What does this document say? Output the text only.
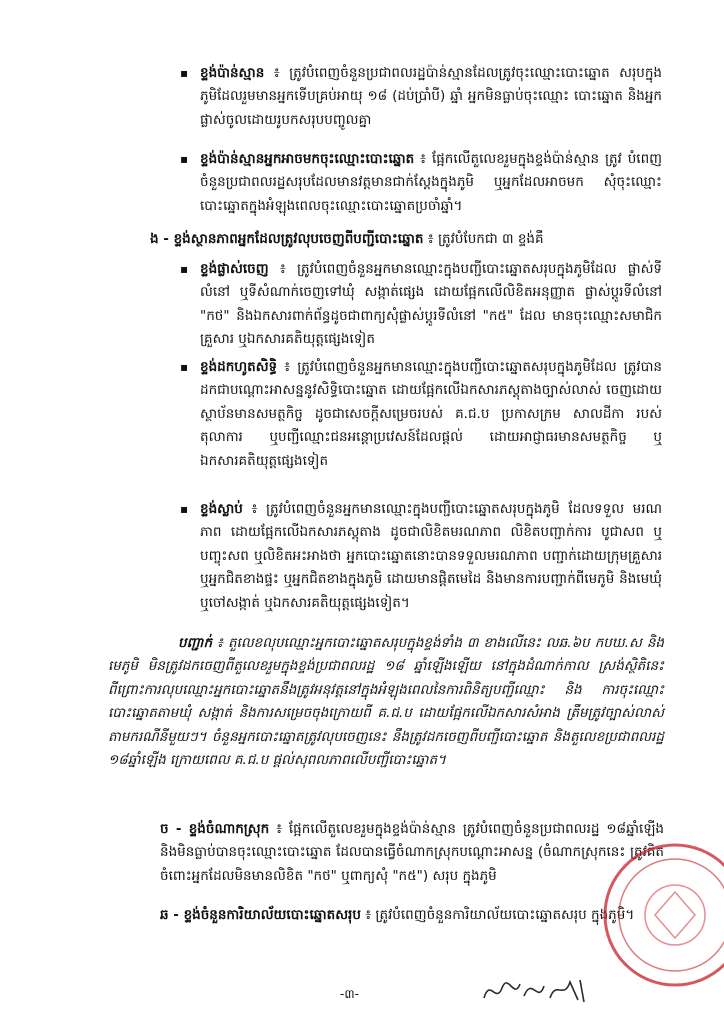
▪ ខ្ទង់ប៉ាន់ស្មាន ៖ ត្រូវបំពេញចំនួនប្រជាពលរដ្ឋប៉ាន់ស្មានដែលត្រូវចុះឈ្មោះបោះឆ្នោត សរុបក្នុងភូមិដែលរួមមានអ្នកទើបគ្រប់អាយុ ១៨ (ដប់ប្រាំបី) ឆ្នាំ អ្នកមិនធ្លាប់ចុះឈ្មោះ បោះឆ្នោត និងអ្នកផ្លាស់ចូលដោយរូបកសរុបបញ្ចូលគ្នា
▪ ខ្ទង់ប៉ាន់ស្មានអ្នកអាចមកចុះឈ្មោះបោះឆ្នោត ៖ ផ្អែកលើតួលេខរួមក្នុងខ្ទង់ប៉ាន់ស្មាន ត្រូវ បំពេញចំនួនប្រជាពលរដ្ឋសរុបដែលមានវត្តមានជាក់ស្តែងក្នុងភូមិ ឬអ្នកដែលអាចមក សុំចុះឈ្មោះបោះឆ្នោតក្នុងអំឡុងពេលចុះឈ្មោះបោះឆ្នោតប្រចាំឆ្នាំ។
ង - ខ្ទង់ស្ថានភាពអ្នកដែលត្រូវលុបចេញពីបញ្ជីបោះឆ្នោត ៖ ត្រូវបំបែកជា ៣ ខ្ទង់គឺ
▪ ខ្ទង់ផ្លាស់ចេញ ៖ ត្រូវបំពេញចំនួនអ្នកមានឈ្មោះក្នុងបញ្ជីបោះឆ្នោតសរុបក្នុងភូមិដែល ផ្លាស់ទីលំនៅ ឬទីសំណាក់ចេញទៅឃុំ សង្កាត់ផ្សេង ដោយផ្អែកលើលិខិតអនុញ្ញាត ផ្លាស់ប្តូរទីលំនៅ "កថ" និងឯកសារពាក់ព័ន្ធដូចជាពាក្យសុំផ្លាស់ប្តូរទីលំនៅ "ក៥" ដែល មានចុះឈ្មោះសមាជិកគ្រួសារ ឬឯកសារគតិយុត្តផ្សេងទៀត
▪ ខ្ទង់ដកហូតសិទ្ធិ ៖ ត្រូវបំពេញចំនួនអ្នកមានឈ្មោះក្នុងបញ្ជីបោះឆ្នោតសរុបក្នុងភូមិដែល ត្រូវបានដកជាបណ្តោះអាសន្ននូវសិទ្ធិបោះឆ្នោត ដោយផ្អែកលើឯកសារភស្តុតាងច្បាស់លាស់ ចេញដោយស្ថាប័នមានសមត្ថកិច្ច ដូចជាសេចក្តីសម្រេចរបស់ គ.ជ.ប ប្រកាសក្រម សាលដីកា របស់តុលាការ ឬបញ្ជីឈ្មោះជនអន្តោប្រវេសន៍ដែលផ្តល់ ដោយអាជ្ញាធរមានសមត្ថកិច្ច ឬឯកសារគតិយុត្តផ្សេងទៀត
▪ ខ្ទង់ស្លាប់ ៖ ត្រូវបំពេញចំនួនអ្នកមានឈ្មោះក្នុងបញ្ជីបោះឆ្នោតសរុបក្នុងភូមិ ដែលទទួល មរណភាព ដោយផ្អែកលើឯកសារភស្តុតាង ដូចជាលិខិតមរណភាព លិខិតបញ្ជាក់ការ បូជាសព ឬបញ្ចុះសព ឬលិខិតអះអាងថា អ្នកបោះឆ្នោតនោះបានទទួលមរណភាព បញ្ជាក់ដោយក្រុមគ្រួសារ ឬអ្នកជិតខាងផ្ទះ ឬអ្នកជិតខាងក្នុងភូមិ ដោយមានផ្តិតមេដៃ និងមានការបញ្ជាក់ពីមេភូមិ និងមេឃុំ ឬចៅសង្កាត់ ឬឯកសារគតិយុត្តផ្សេងទៀត។
បញ្ជាក់ ៖ តួលេខលុបឈ្មោះអ្នកបោះឆ្នោតសរុបក្នុងខ្ទង់ទាំង ៣ ខាងលើនេះ លឆ.៦ប កបឃ.ស និងមេភូមិ មិនត្រូវដកចេញពីតួលេខរួមក្នុងខ្ទង់ប្រជាពលរដ្ឋ ១៨ ឆ្នាំឡើងឡើយ នៅក្នុងដំណាក់កាល ស្រង់ស្ថិតិនេះ ពីព្រោះការលុបឈ្មោះអ្នកបោះឆ្នោតនឹងត្រូវអនុវត្តនៅក្នុងអំឡុងពេលនៃការពិនិត្យបញ្ជីឈ្មោះ និង ការចុះឈ្មោះបោះឆ្នោតតាមឃុំ សង្កាត់ និងការសម្រេចចុងក្រោយពី គ.ជ.ប ដោយផ្អែកលើឯកសារសំអាង ត្រឹមត្រូវច្បាស់លាស់តាមករណីនីមួយៗ។ ចំនួនអ្នកបោះឆ្នោតត្រូវលុបចេញនេះ នឹងត្រូវដកចេញពីបញ្ជីបោះឆ្នោត និងតួលេខប្រជាពលរដ្ឋ ១៨ឆ្នាំឡើង ក្រោយពេល គ.ជ.ប ផ្តល់សុពលភាពលើបញ្ជីបោះឆ្នោត។
ច - ខ្ទង់ចំណាកស្រុក ៖ ផ្អែកលើតួលេខរួមក្នុងខ្ទង់ប៉ាន់ស្មាន ត្រូវបំពេញចំនួនប្រជាពលរដ្ឋ ១៨ឆ្នាំឡើង និងមិនធ្លាប់បានចុះឈ្មោះបោះឆ្នោត ដែលបានធ្វើចំណាកស្រុកបណ្តោះអាសន្ន (ចំណាកស្រុកនេះ ត្រូវគិតចំពោះអ្នកដែលមិនមានលិខិត "កថ" ឬពាក្យសុំ "ក៥") សរុប ក្នុងភូមិ
ឆ - ខ្ទង់ចំនួនការិយាល័យបោះឆ្នោតសរុប ៖ ត្រូវបំពេញចំនួនការិយាល័យបោះឆ្នោតសរុប ក្នុងភូមិ។
-៣-
